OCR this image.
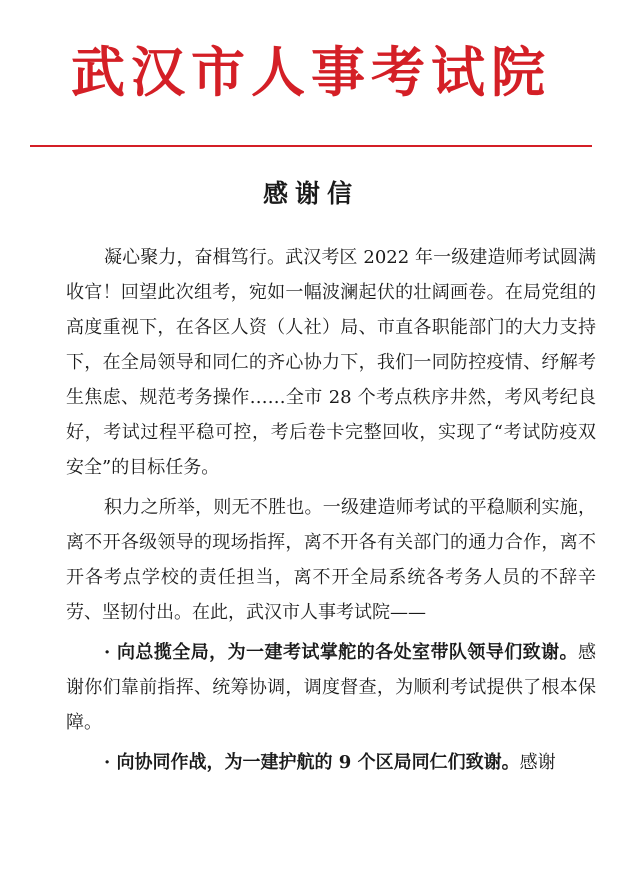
武汉市人事考试院
感谢信

凝心聚力，奋楫笃行。武汉考区 2022 年一级建造师考试圆满收官！回望此次组考，宛如一幅波澜起伏的壮阔画卷。在局党组的高度重视下，在各区人资（人社）局、市直各职能部门的大力支持下，在全局领导和同仁的齐心协力下，我们一同防控疫情、纾解考生焦虑、规范考务操作……全市 28 个考点秩序井然，考风考纪良好，考试过程平稳可控，考后卷卡完整回收，实现了“考试防疫双安全”的目标任务。

积力之所举，则无不胜也。一级建造师考试的平稳顺利实施，离不开各级领导的现场指挥，离不开各有关部门的通力合作，离不开各考点学校的责任担当，离不开全局系统各考务人员的不辞辛劳、坚韧付出。在此，武汉市人事考试院——

· 向总揽全局，为一建考试掌舵的各处室带队领导们致谢。感谢你们靠前指挥、统筹协调，调度督查，为顺利考试提供了根本保障。

· 向协同作战，为一建护航的 9 个区局同仁们致谢。感谢
